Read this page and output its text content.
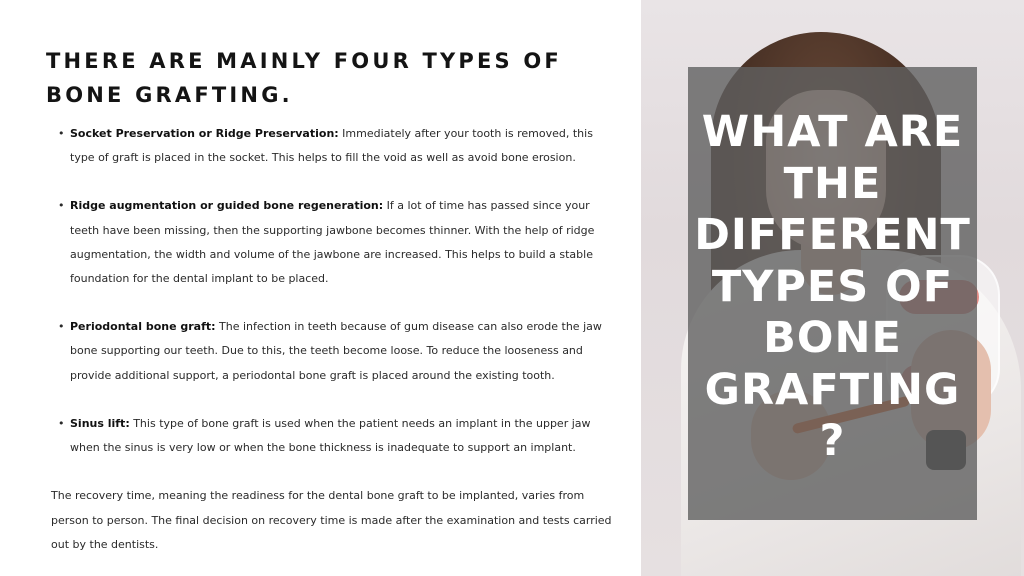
THERE ARE MAINLY FOUR TYPES OF BONE GRAFTING.
• Socket Preservation or Ridge Preservation: Immediately after your tooth is removed, this type of graft is placed in the socket. This helps to fill the void as well as avoid bone erosion.
• Ridge augmentation or guided bone regeneration: If a lot of time has passed since your teeth have been missing, then the supporting jawbone becomes thinner. With the help of ridge augmentation, the width and volume of the jawbone are increased. This helps to build a stable foundation for the dental implant to be placed.
• Periodontal bone graft: The infection in teeth because of gum disease can also erode the jaw bone supporting our teeth. Due to this, the teeth become loose. To reduce the looseness and provide additional support, a periodontal bone graft is placed around the existing tooth.
• Sinus lift: This type of bone graft is used when the patient needs an implant in the upper jaw when the sinus is very low or when the bone thickness is inadequate to support an implant.

The recovery time, meaning the readiness for the dental bone graft to be implanted, varies from person to person. The final decision on recovery time is made after the examination and tests carried out by the dentists.

WHAT ARE THE DIFFERENT TYPES OF BONE GRAFTING ?
